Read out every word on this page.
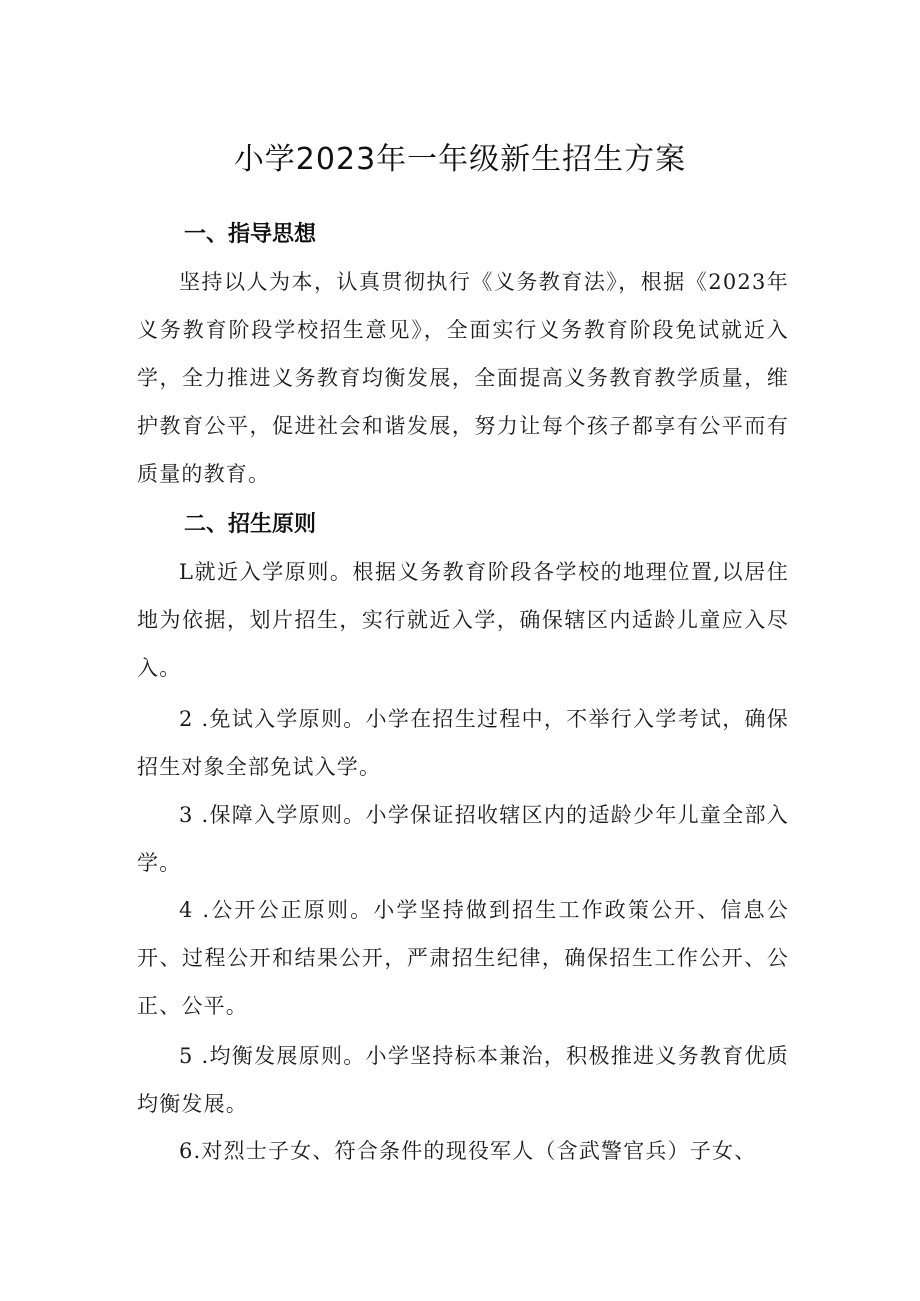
小学2023年一年级新生招生方案
一、指导思想

坚持以人为本，认真贯彻执行《义务教育法》，根据《2023年义务教育阶段学校招生意见》，全面实行义务教育阶段免试就近入学，全力推进义务教育均衡发展，全面提高义务教育教学质量，维护教育公平，促进社会和谐发展，努力让每个孩子都享有公平而有质量的教育。

二、招生原则

L就近入学原则。根据义务教育阶段各学校的地理位置,以居住地为依据，划片招生，实行就近入学，确保辖区内适龄儿童应入尽入。

2 .免试入学原则。小学在招生过程中，不举行入学考试，确保招生对象全部免试入学。

3 .保障入学原则。小学保证招收辖区内的适龄少年儿童全部入学。

4 .公开公正原则。小学坚持做到招生工作政策公开、信息公开、过程公开和结果公开，严肃招生纪律，确保招生工作公开、公正、公平。

5 .均衡发展原则。小学坚持标本兼治，积极推进义务教育优质均衡发展。

6.对烈士子女、符合条件的现役军人（含武警官兵）子女、
